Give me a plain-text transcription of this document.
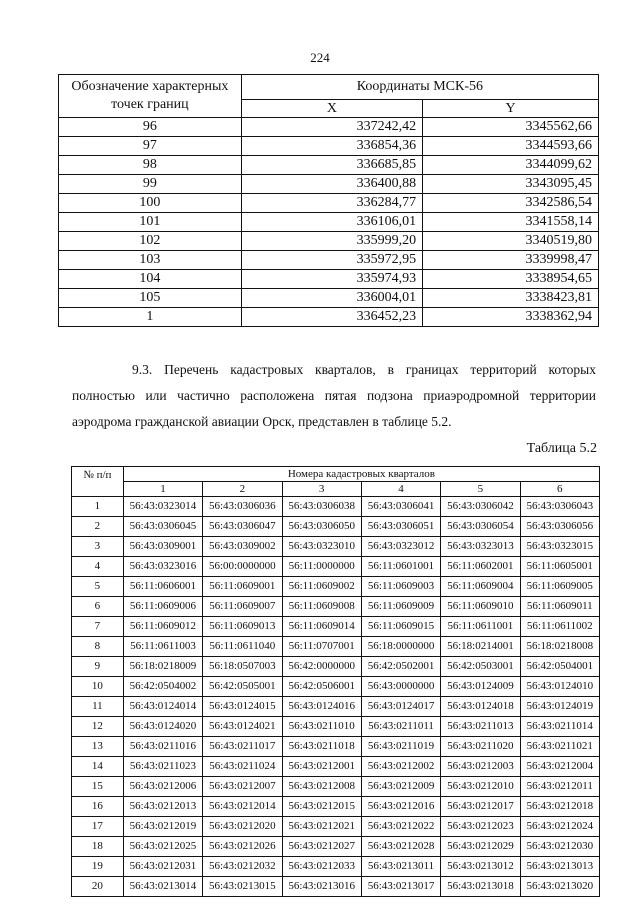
224
Обозначение характерных точек границ	Координаты МСК-56	
	X	Y
96	337242,42	3345562,66
97	336854,36	3344593,66
98	336685,85	3344099,62
99	336400,88	3343095,45
100	336284,77	3342586,54
101	336106,01	3341558,14
102	335999,20	3340519,80
103	335972,95	3339998,47
104	335974,93	3338954,65
105	336004,01	3338423,81
1	336452,23	3338362,94
9.3. Перечень кадастровых кварталов, в границах территорий которых полностью или частично расположена пятая подзона приаэродромной территории аэродрома гражданской авиации Орск, представлен в таблице 5.2.
Таблица 5.2
№ п/п	Номера кадастровых кварталов					
	1	2	3	4	5	6
1	56:43:0323014	56:43:0306036	56:43:0306038	56:43:0306041	56:43:0306042	56:43:0306043
2	56:43:0306045	56:43:0306047	56:43:0306050	56:43:0306051	56:43:0306054	56:43:0306056
3	56:43:0309001	56:43:0309002	56:43:0323010	56:43:0323012	56:43:0323013	56:43:0323015
4	56:43:0323016	56:00:0000000	56:11:0000000	56:11:0601001	56:11:0602001	56:11:0605001
5	56:11:0606001	56:11:0609001	56:11:0609002	56:11:0609003	56:11:0609004	56:11:0609005
6	56:11:0609006	56:11:0609007	56:11:0609008	56:11:0609009	56:11:0609010	56:11:0609011
7	56:11:0609012	56:11:0609013	56:11:0609014	56:11:0609015	56:11:0611001	56:11:0611002
8	56:11:0611003	56:11:0611040	56:11:0707001	56:18:0000000	56:18:0214001	56:18:0218008
9	56:18:0218009	56:18:0507003	56:42:0000000	56:42:0502001	56:42:0503001	56:42:0504001
10	56:42:0504002	56:42:0505001	56:42:0506001	56:43:0000000	56:43:0124009	56:43:0124010
11	56:43:0124014	56:43:0124015	56:43:0124016	56:43:0124017	56:43:0124018	56:43:0124019
12	56:43:0124020	56:43:0124021	56:43:0211010	56:43:0211011	56:43:0211013	56:43:0211014
13	56:43:0211016	56:43:0211017	56:43:0211018	56:43:0211019	56:43:0211020	56:43:0211021
14	56:43:0211023	56:43:0211024	56:43:0212001	56:43:0212002	56:43:0212003	56:43:0212004
15	56:43:0212006	56:43:0212007	56:43:0212008	56:43:0212009	56:43:0212010	56:43:0212011
16	56:43:0212013	56:43:0212014	56:43:0212015	56:43:0212016	56:43:0212017	56:43:0212018
17	56:43:0212019	56:43:0212020	56:43:0212021	56:43:0212022	56:43:0212023	56:43:0212024
18	56:43:0212025	56:43:0212026	56:43:0212027	56:43:0212028	56:43:0212029	56:43:0212030
19	56:43:0212031	56:43:0212032	56:43:0212033	56:43:0213011	56:43:0213012	56:43:0213013
20	56:43:0213014	56:43:0213015	56:43:0213016	56:43:0213017	56:43:0213018	56:43:0213020
